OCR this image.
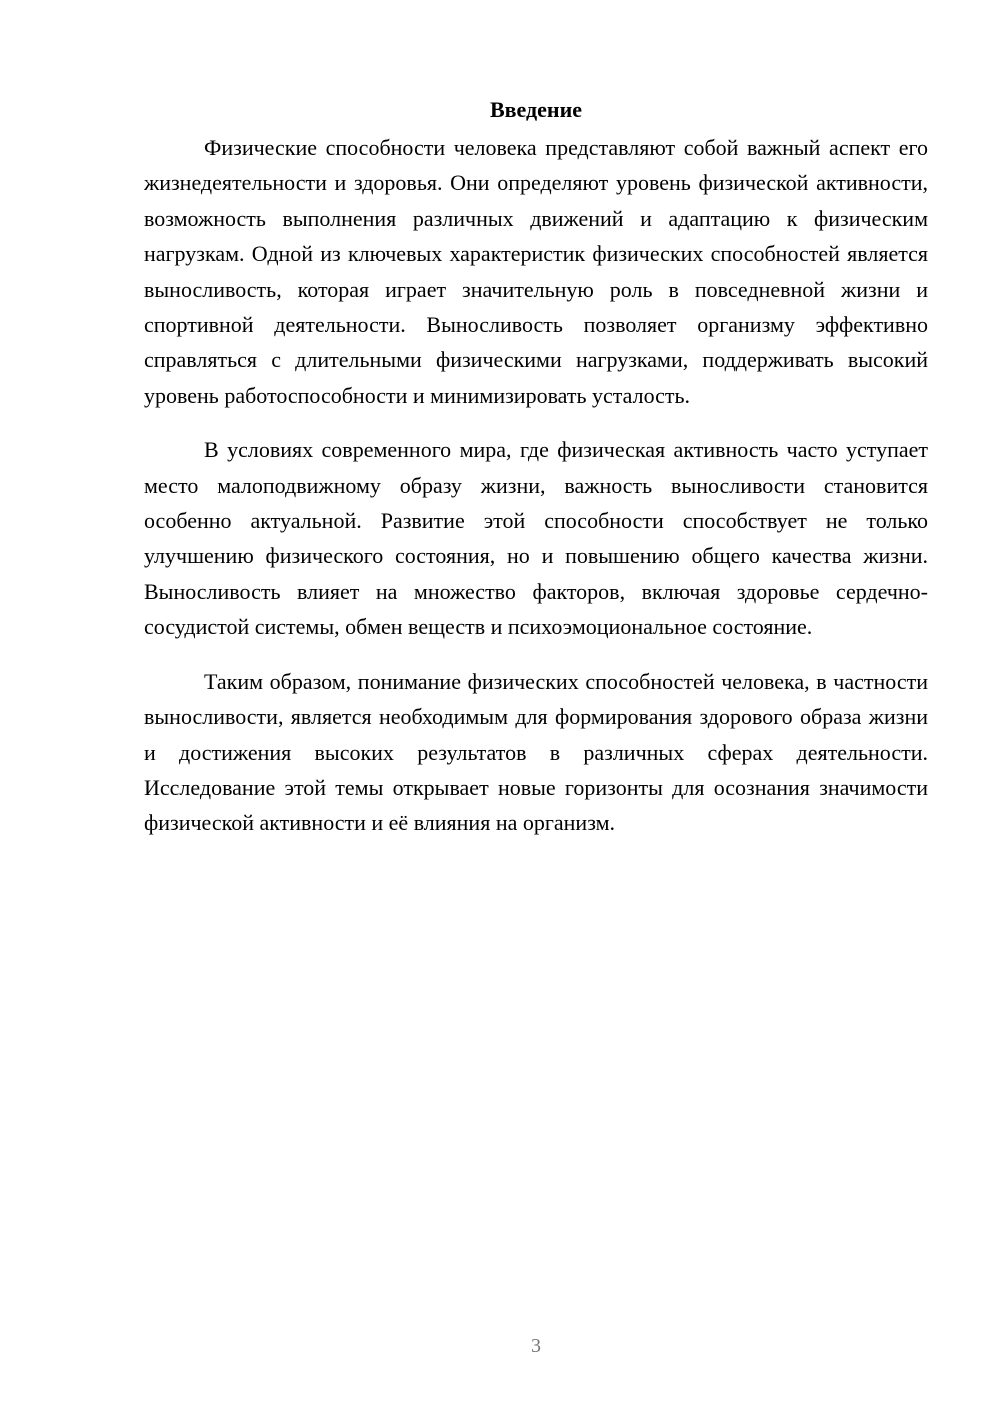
Введение

Физические способности человека представляют собой важный аспект его жизнедеятельности и здоровья. Они определяют уровень физической активности, возможность выполнения различных движений и адаптацию к физическим нагрузкам. Одной из ключевых характеристик физических способностей является выносливость, которая играет значительную роль в повседневной жизни и спортивной деятельности. Выносливость позволяет организму эффективно справляться с длительными физическими нагрузками, поддерживать высокий уровень работоспособности и минимизировать усталость.

В условиях современного мира, где физическая активность часто уступает место малоподвижному образу жизни, важность выносливости становится особенно актуальной. Развитие этой способности способствует не только улучшению физического состояния, но и повышению общего качества жизни. Выносливость влияет на множество факторов, включая здоровье сердечно-сосудистой системы, обмен веществ и психоэмоциональное состояние.

Таким образом, понимание физических способностей человека, в частности выносливости, является необходимым для формирования здорового образа жизни и достижения высоких результатов в различных сферах деятельности. Исследование этой темы открывает новые горизонты для осознания значимости физической активности и её влияния на организм.

3
